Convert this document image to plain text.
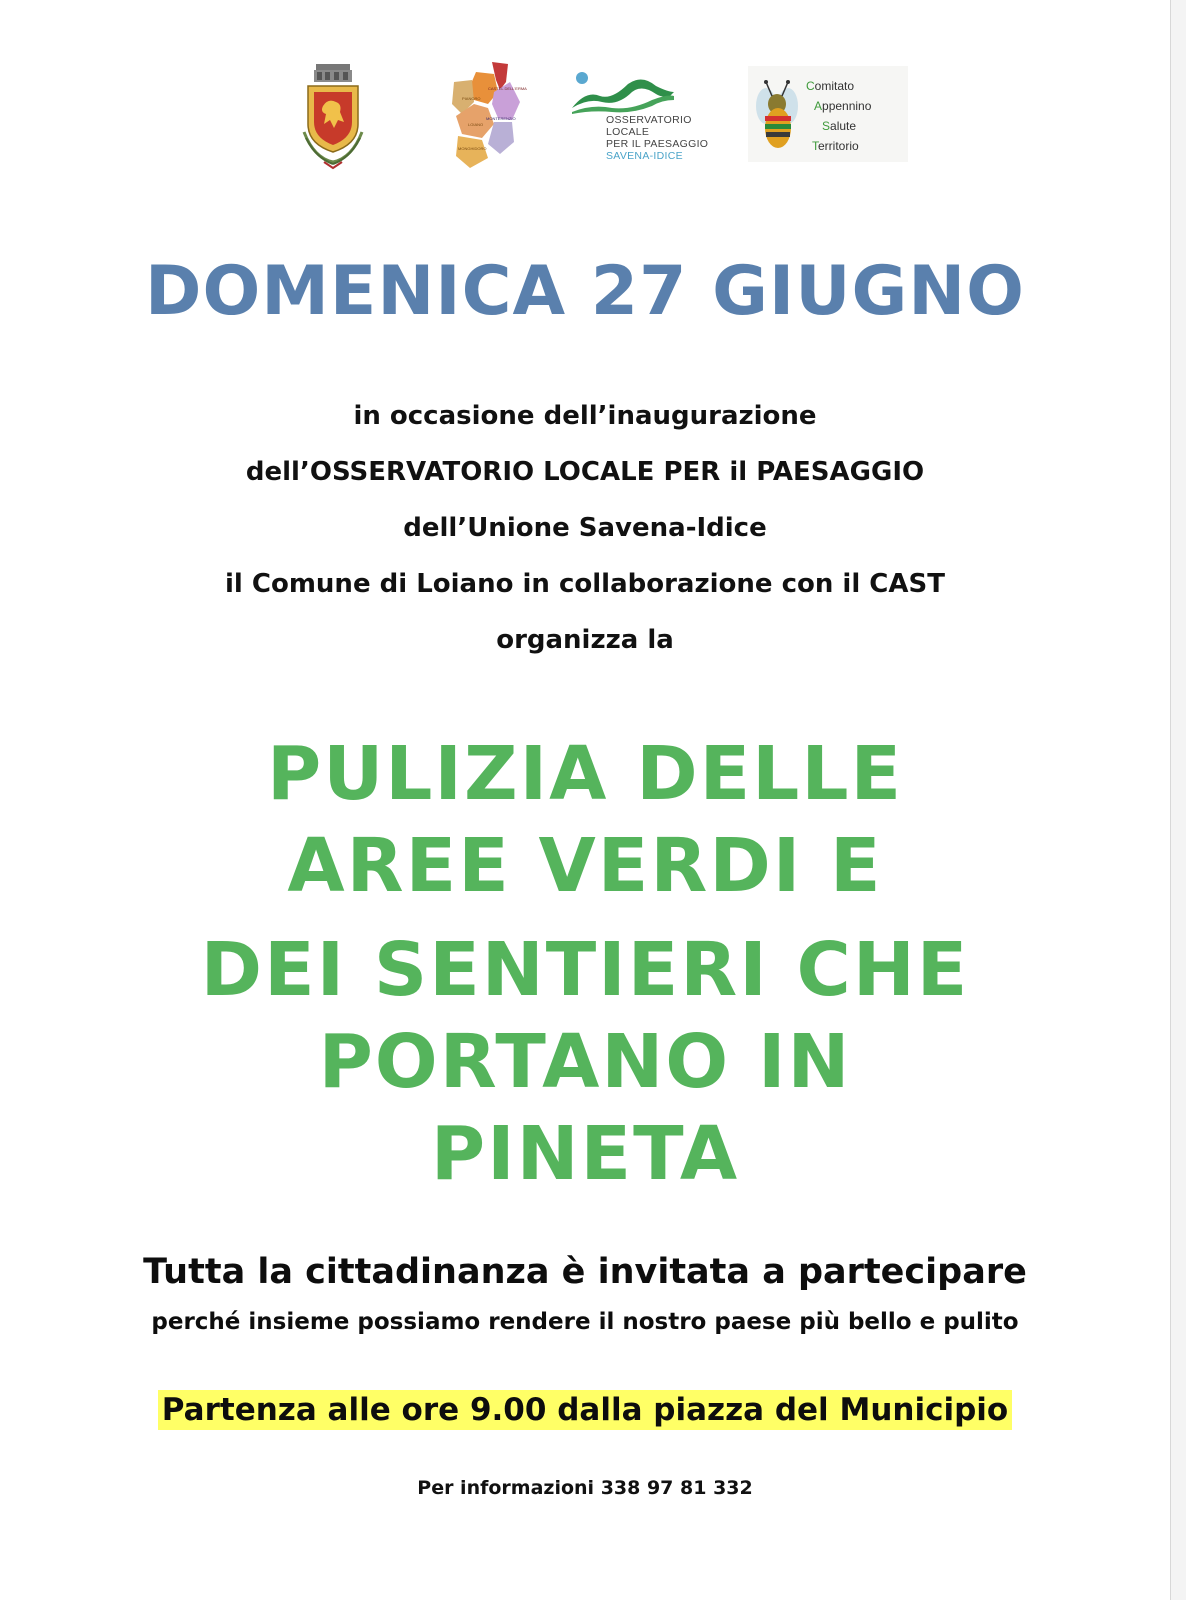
CASTEL DELL'ERMA
PIANORO
MONTERENZIO
LOIANO
MONGHIDORO
OSSERVATORIO
LOCALE
PER IL PAESAGGIO
SAVENA-IDICE
Comitato
Appennino
Salute
Territorio
DOMENICA 27 GIUGNO
in occasione dell’inaugurazione
dell’OSSERVATORIO LOCALE PER il PAESAGGIO
dell’Unione Savena-Idice
il Comune di Loiano in collaborazione con il CAST
organizza la
PULIZIA DELLE
AREE VERDI E
DEI SENTIERI CHE
PORTANO IN
PINETA
Tutta la cittadinanza è invitata a partecipare
perché insieme possiamo rendere il nostro paese più bello e pulito
Partenza alle ore 9.00 dalla piazza del Municipio
Per informazioni 338 97 81 332
